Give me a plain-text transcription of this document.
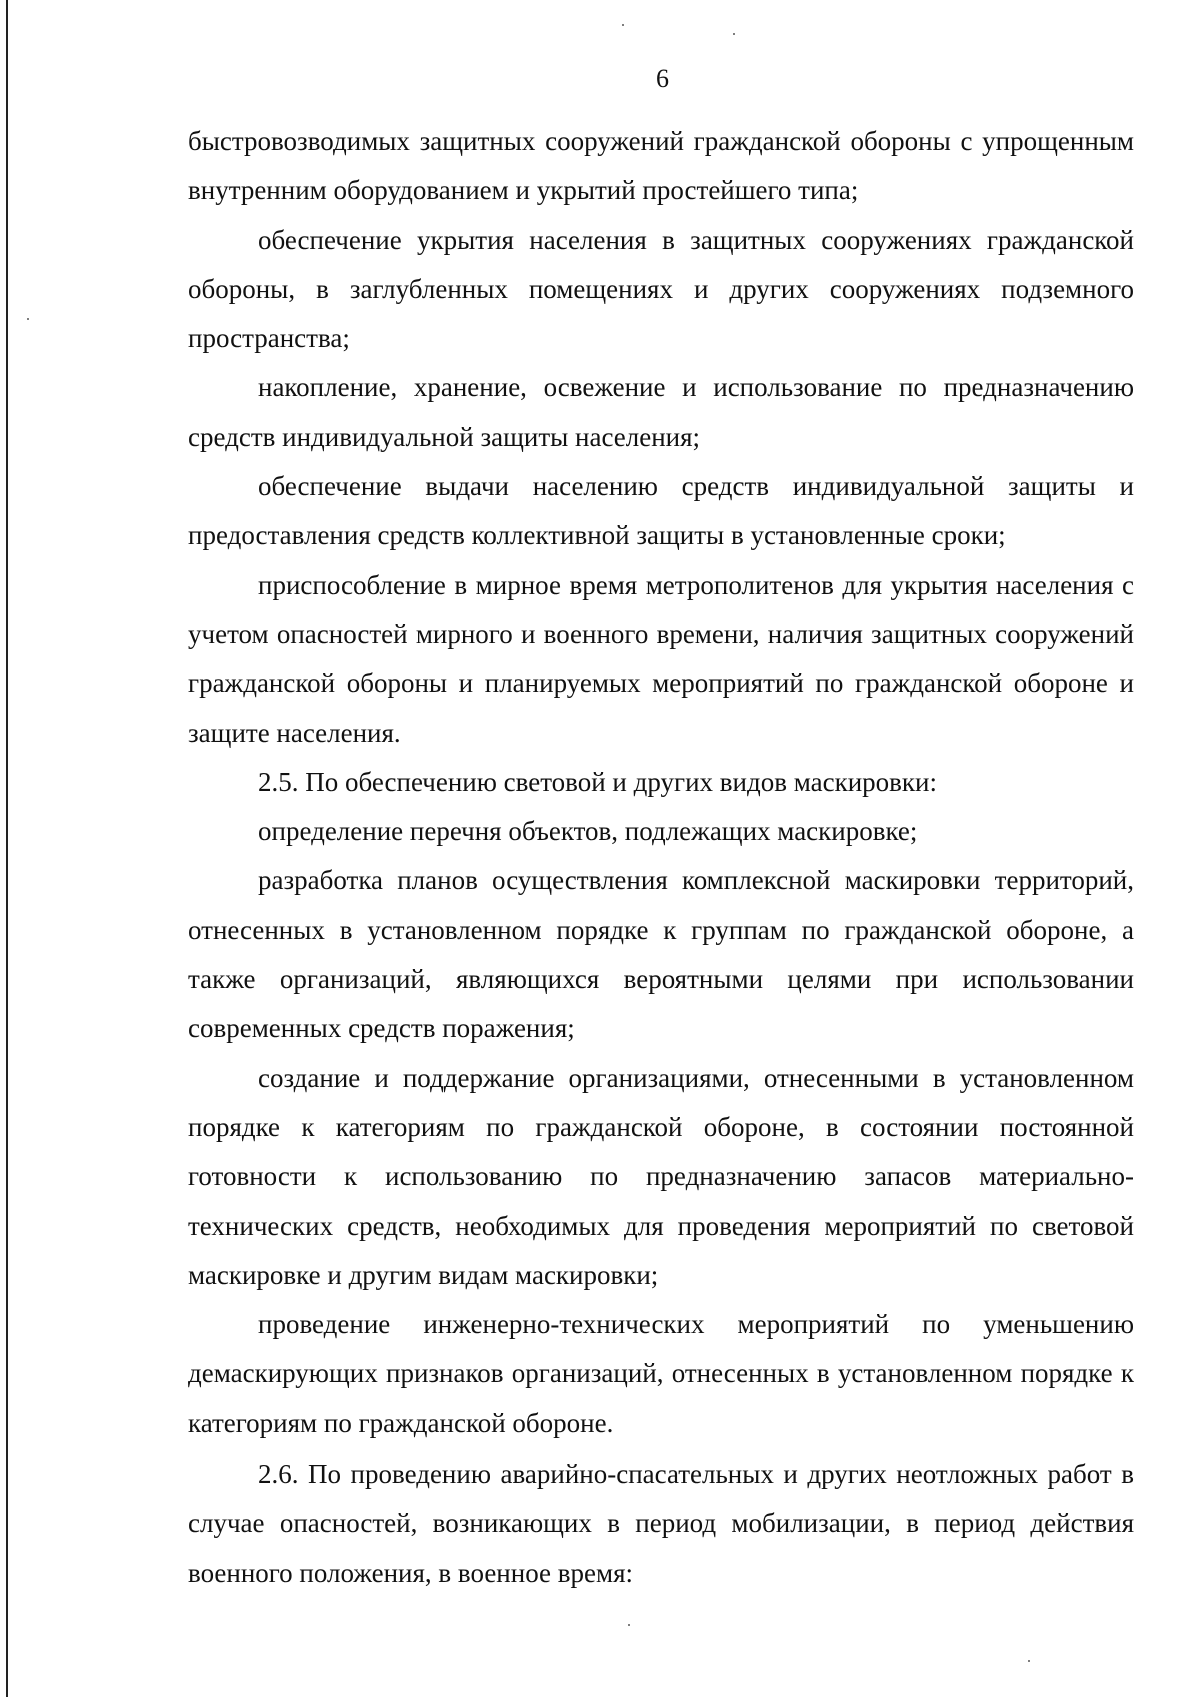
6

быстровозводимых защитных сооружений гражданской обороны с упрощенным внутренним оборудованием и укрытий простейшего типа;

обеспечение укрытия населения в защитных сооружениях гражданской обороны, в заглубленных помещениях и других сооружениях подземного пространства;

накопление, хранение, освежение и использование по предназначению средств индивидуальной защиты населения;

обеспечение выдачи населению средств индивидуальной защиты и предоставления средств коллективной защиты в установленные сроки;

приспособление в мирное время метрополитенов для укрытия населения с учетом опасностей мирного и военного времени, наличия защитных сооружений гражданской обороны и планируемых мероприятий по гражданской обороне и защите населения.

2.5. По обеспечению световой и других видов маскировки:

определение перечня объектов, подлежащих маскировке;

разработка планов осуществления комплексной маскировки территорий, отнесенных в установленном порядке к группам по гражданской обороне, а также организаций, являющихся вероятными целями при использовании современных средств поражения;

создание и поддержание организациями, отнесенными в установленном порядке к категориям по гражданской обороне, в состоянии постоянной готовности к использованию по предназначению запасов материально-технических средств, необходимых для проведения мероприятий по световой маскировке и другим видам маскировки;

проведение инженерно-технических мероприятий по уменьшению демаскирующих признаков организаций, отнесенных в установленном порядке к категориям по гражданской обороне.

2.6. По проведению аварийно-спасательных и других неотложных работ в случае опасностей, возникающих в период мобилизации, в период действия военного положения, в военное время:
